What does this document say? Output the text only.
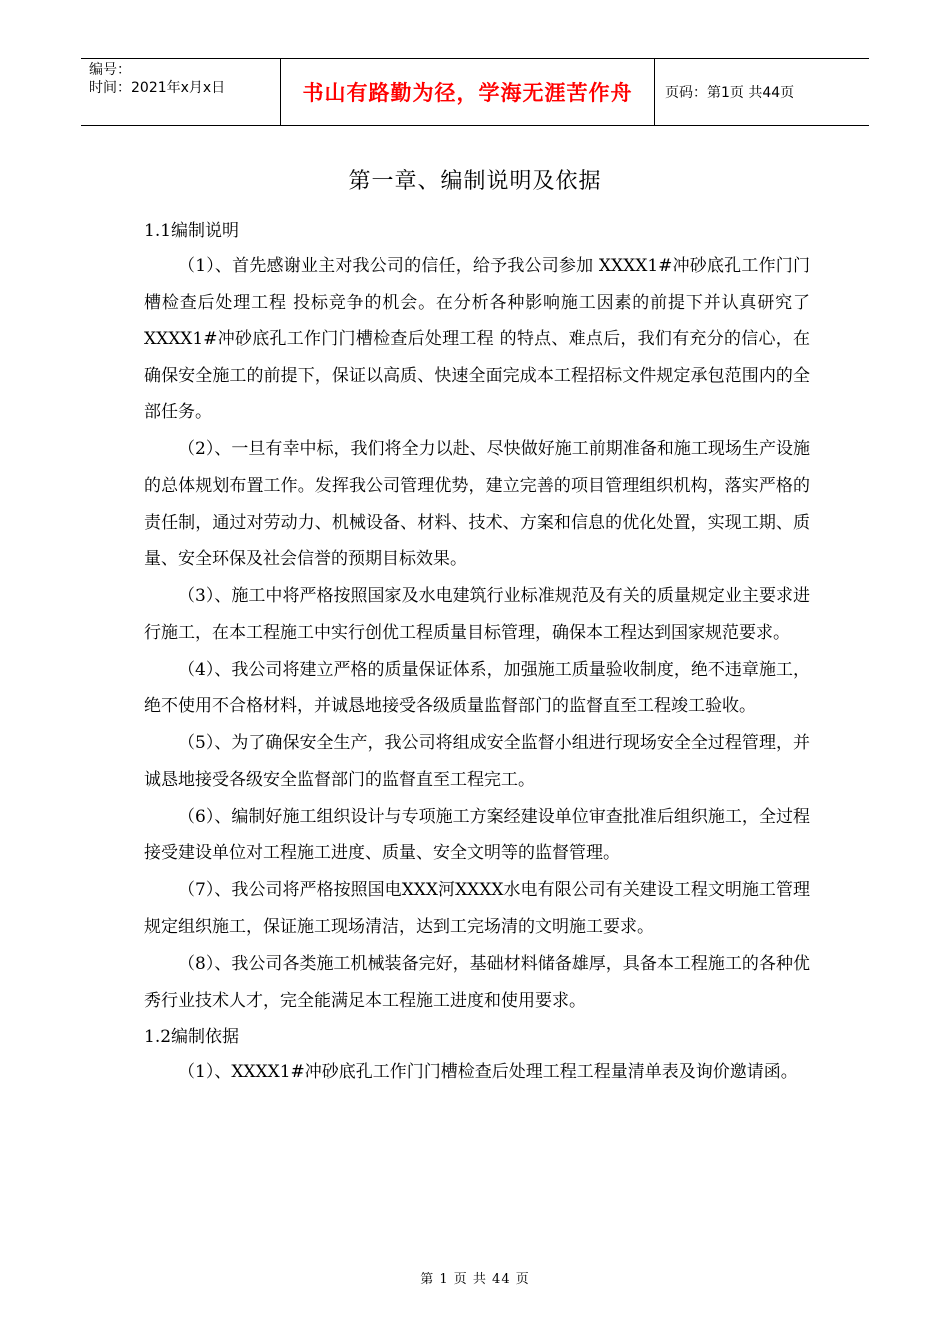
编号：
时间：2021年x月x日	书山有路勤为径，学海无涯苦作舟	页码：第1页 共44页
第一章、编制说明及依据

1.1编制说明

（1）、首先感谢业主对我公司的信任，给予我公司参加 XXXX1#冲砂底孔工作门门槽检查后处理工程 投标竞争的机会。在分析各种影响施工因素的前提下并认真研究了XXXX1#冲砂底孔工作门门槽检查后处理工程 的特点、难点后，我们有充分的信心，在确保安全施工的前提下，保证以高质、快速全面完成本工程招标文件规定承包范围内的全部任务。

（2）、一旦有幸中标，我们将全力以赴、尽快做好施工前期准备和施工现场生产设施的总体规划布置工作。发挥我公司管理优势，建立完善的项目管理组织机构，落实严格的责任制，通过对劳动力、机械设备、材料、技术、方案和信息的优化处置，实现工期、质量、安全环保及社会信誉的预期目标效果。

（3）、施工中将严格按照国家及水电建筑行业标准规范及有关的质量规定业主要求进行施工，在本工程施工中实行创优工程质量目标管理，确保本工程达到国家规范要求。

（4）、我公司将建立严格的质量保证体系，加强施工质量验收制度，绝不违章施工，绝不使用不合格材料，并诚恳地接受各级质量监督部门的监督直至工程竣工验收。

（5）、为了确保安全生产，我公司将组成安全监督小组进行现场安全全过程管理，并诚恳地接受各级安全监督部门的监督直至工程完工。

（6）、编制好施工组织设计与专项施工方案经建设单位审查批准后组织施工，全过程接受建设单位对工程施工进度、质量、安全文明等的监督管理。

（7）、我公司将严格按照国电XXX河XXXX水电有限公司有关建设工程文明施工管理规定组织施工，保证施工现场清洁，达到工完场清的文明施工要求。

（8）、我公司各类施工机械装备完好，基础材料储备雄厚，具备本工程施工的各种优秀行业技术人才，完全能满足本工程施工进度和使用要求。

1.2编制依据

（1）、XXXX1#冲砂底孔工作门门槽检查后处理工程工程量清单表及询价邀请函。

第 1 页 共 44 页
